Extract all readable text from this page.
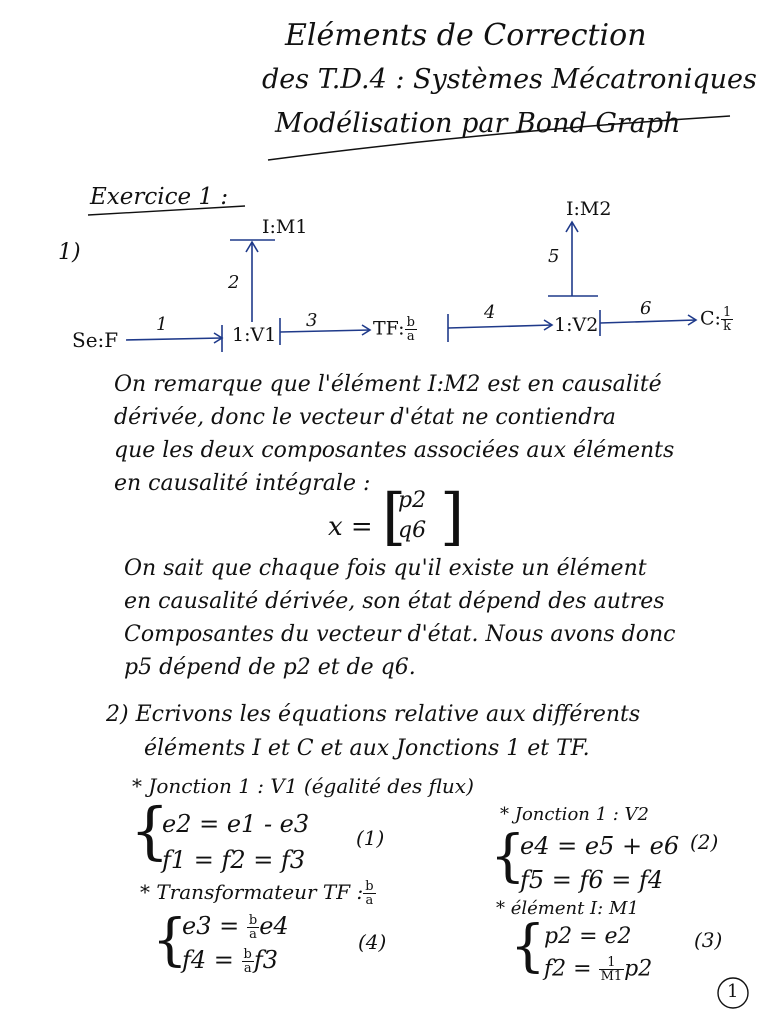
Eléments de Correction
des T.D.4 : Systèmes Mécatroniques
Modélisation par Bond Graph
Exercice 1 :
1)
Se:F	1:V1	TF: $\frac{b}{a}$	1:V2	C: $\frac{1}{k}$
I:M1
I:M2
1
2
3	4
5
6
On remarque que l'élément I:M2 est en causalité
dérivée, donc le vecteur d'état ne contiendra
que les deux composantes associées aux éléments
en causalité intégrale :
x = [
p2
q6 ]
On sait que chaque fois qu'il existe un élément
en causalité dérivée, son état dépend des autres
Composantes du vecteur d'état. Nous avons donc
p5 dépend de p2 et de q6.
2) Ecrivons les équations relative aux différents
éléments I et C et aux Jonctions 1 et TF.
* Jonction 1 : V1 (égalité des flux)
{
e2 = e1 - e3
f1 = f2 = f3
(1)
* Jonction 1 : V2
{
e4 = e5 + e6
f5 = f6 = f4
(2)
* Transformateur TF : $\frac{b}{a}$
{
$e3 = \frac{b}{a} e4$
$f4 = \frac{b}{a} f3$
(4)
* élément I: M1
{
p2 = e2
$f2 = \frac{1}{M1} p2$
(3)
1
